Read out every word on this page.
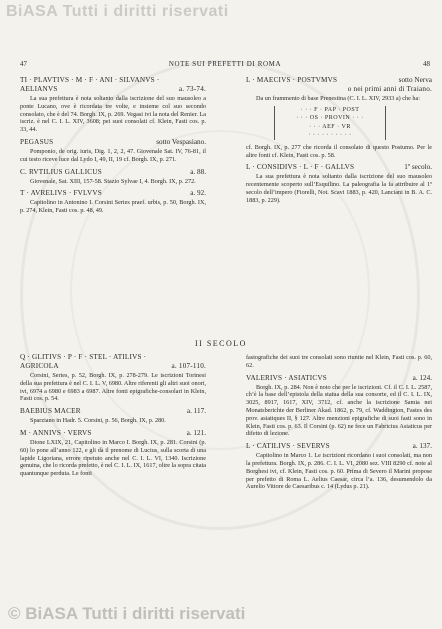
BiASA Tutti i diritti riservati
47	NOTE SUI PREFETTI DI ROMA	48
TI · PLAVTIVS · M · F · ANI · SILVANVS ·
AELIANVS	a. 73-74.
La sua prefettura è nota soltanto dalla iscrizione del suo mausoleo a ponte Lucano, ove è ricordata tre volte, e insieme col suo secondo consolato, che è del 74. Borgh. IX, p. 269. Vegasi ivi la nota del Renier. La iscriz. è nel C. I. L. XIV, 3608; pei suoi consolati cf. Klein, Fasti cos. p. 33, 44.
PEGASUS	sotto Vespasiano.
Pomponio, de orig. iuris, Dig. 1, 2, 2, 47. Giovenale Sat. IV, 76-81, il cui testo riceve luce dal Lydo I, 49, II, 19 cf. Borgh. IX, p. 271.
C. RVTILIUS GALLICUS	a. 88.
Giovenale, Sat. XIII, 157-58. Stazio Sylvae I, 4. Borgh. IX, p. 272.
T · AVRELIVS · FVLVVS	a. 92.
Capitolino in Antonino I. Corsini Series praef. urbis, p. 50, Borgh. IX, p. 274, Klein, Fasti cos. p. 48, 49.
L · MAECIVS · POSTVMVS	sotto Nerva
o nei primi anni di Traiano.
Da un frammento di base Prenestina (C. I. L. XIV, 2933 a) che ha:
· · · F · PAP · POST
· · · OS · PROVIN · · ·
· · · AEF · VR
· · · · · · · · · ·
cf. Borgh. IX, p. 277 che ricorda il consolato di questo Postumo. Per le altre fonti cf. Klein, Fasti cos. p. 58.
L · CONSIDIVS · L · F · GALLVS	1º secolo.
La sua prefettura è nota soltanto dalla iscrizione del suo mausoleo recentemente scoperto sull’Esquilino. La paleografia la fa attribuire al 1º secolo dell’impero (Fiorelli, Not. Scavi 1883, p. 420, Lanciani in B. A. C. 1883, p. 229).
II SECOLO
Q · GLITIVS · P · F · STEL · ATILIVS ·
AGRICOLA	a. 107-110.
Corsini, Series, p. 52, Borgh. IX, p. 278-279. Le iscrizioni Torinesi della sua prefettura è nel C. I. L. V, 6980. Altre riferenti gli altri suoi onori, ivi, 6974 a 6980 e 6983 a 6987. Altre fonti epigrafiche-consolari in Klein, Fasti cos. p. 54.
BAEBIUS MACER	a. 117.
Sparziano in Hadr. 5. Corsini, p. 56, Borgh. IX, p. 280.
M · ANNIVS · VERVS	a. 121.
Dione LXIX, 21, Capitolino in Marco I. Borgh. IX, p. 281. Corsini (p. 60) lo pone all’anno 122, e gli dà il prenome di Lucius, sulla scorta di una lapide Ligoriana, errore ripetuto anche nel C. I. L. VI, 1340. Iscrizione genuina, che lo ricorda prefetto, è nel C. I. L. IX, 1617, oltre la sopra citata quantunque perduta. Le fonti
fastografiche dei suoi tre consolati sono riunite nel Klein, Fasti cos. p. 60, 62.
VALERIVS · ASIATICVS	a. 124.
Borgh. IX, p. 284. Non è noto che per le iscrizioni. Cf. il C. I. L. 2587, ch’è la base dell’epistola della statua della sua consorte, ed il C. I. L. IX, 3025, 8917, 1617, XIV, 3712, cf. anche la iscrizione Samia nei Monatsberichte der Berliner Akad. 1862, p. 79, cf. Waddington, Fastes des prov. asiatiques II, § 127. Altre menzioni epigrafiche di suoi fasti sono in Klein, Fasti cos. p. 63. Il Corsini (p. 62) ne fece un Fabricius Asiaticus per difetto di lezione.
L · CATILIVS · SEVERVS	a. 137.
Capitolino in Marco 1. Le iscrizioni ricordano i suoi consolati, ma non la prefettura. Borgh. IX, p. 286. C. I. L. VI, 2080 sez. VIII 8290 cf. note al Borghesi ivi, cf. Klein, Fasti cos. p. 60. Prima di Severo il Marini propose per prefetto di Roma L. Aelius Caesar, circa l’a. 136, desumendolo da Aurelio Vittore de Caesaribus c. 14 (Lydus p. 21).
© BiASA Tutti i diritti riservati
